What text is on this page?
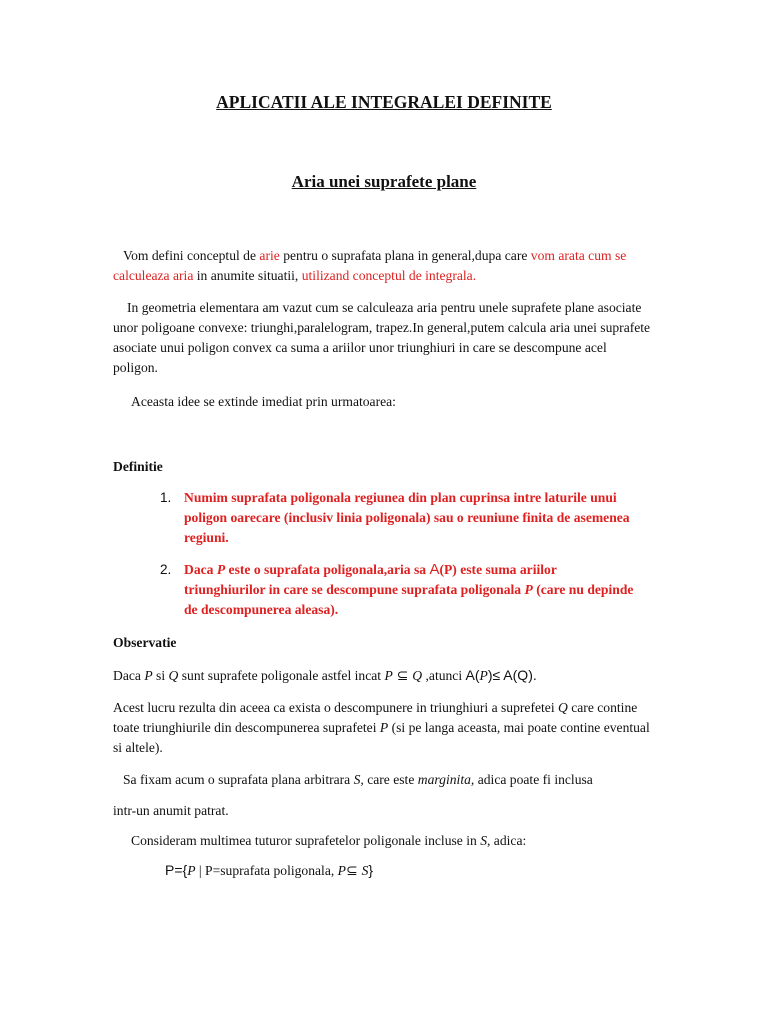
APLICATII ALE INTEGRALEI DEFINITE
Aria unei suprafete plane

Vom defini conceptul de arie pentru o suprafata plana in general,dupa care vom arata cum se calculeaza aria in anumite situatii, utilizand conceptul de integrala.

In geometria elementara am vazut cum se calculeaza aria pentru unele suprafete plane asociate unor poligoane convexe: triunghi,paralelogram, trapez.In general,putem calcula aria unei suprafete asociate unui poligon convex ca suma a ariilor unor triunghiuri in care se descompune acel poligon.

Aceasta idee se extinde imediat prin urmatoarea:

Definitie

1. Numim suprafata poligonala regiunea din plan cuprinsa intre laturile unui poligon oarecare (inclusiv linia poligonala) sau o reuniune finita de asemenea regiuni.
2. Daca P este o suprafata poligonala,aria sa A(P) este suma ariilor triunghiurilor in care se descompune suprafata poligonala P (care nu depinde de descompunerea aleasa).

Observatie

Daca P si Q sunt suprafete poligonale astfel incat P ⊆ Q ,atunci A(P)≤ A(Q).

Acest lucru rezulta din aceea ca exista o descompunere in triunghiuri a suprefetei Q care contine toate triunghiurile din descompunerea suprafetei P (si pe langa aceasta, mai poate contine eventual si altele).

Sa fixam acum o suprafata plana arbitrara S, care este marginita, adica poate fi inclusa

intr-un anumit patrat.

Consideram multimea tuturor suprafetelor poligonale incluse in S, adica:

P={P | P=suprafata poligonala, P⊆ S}
